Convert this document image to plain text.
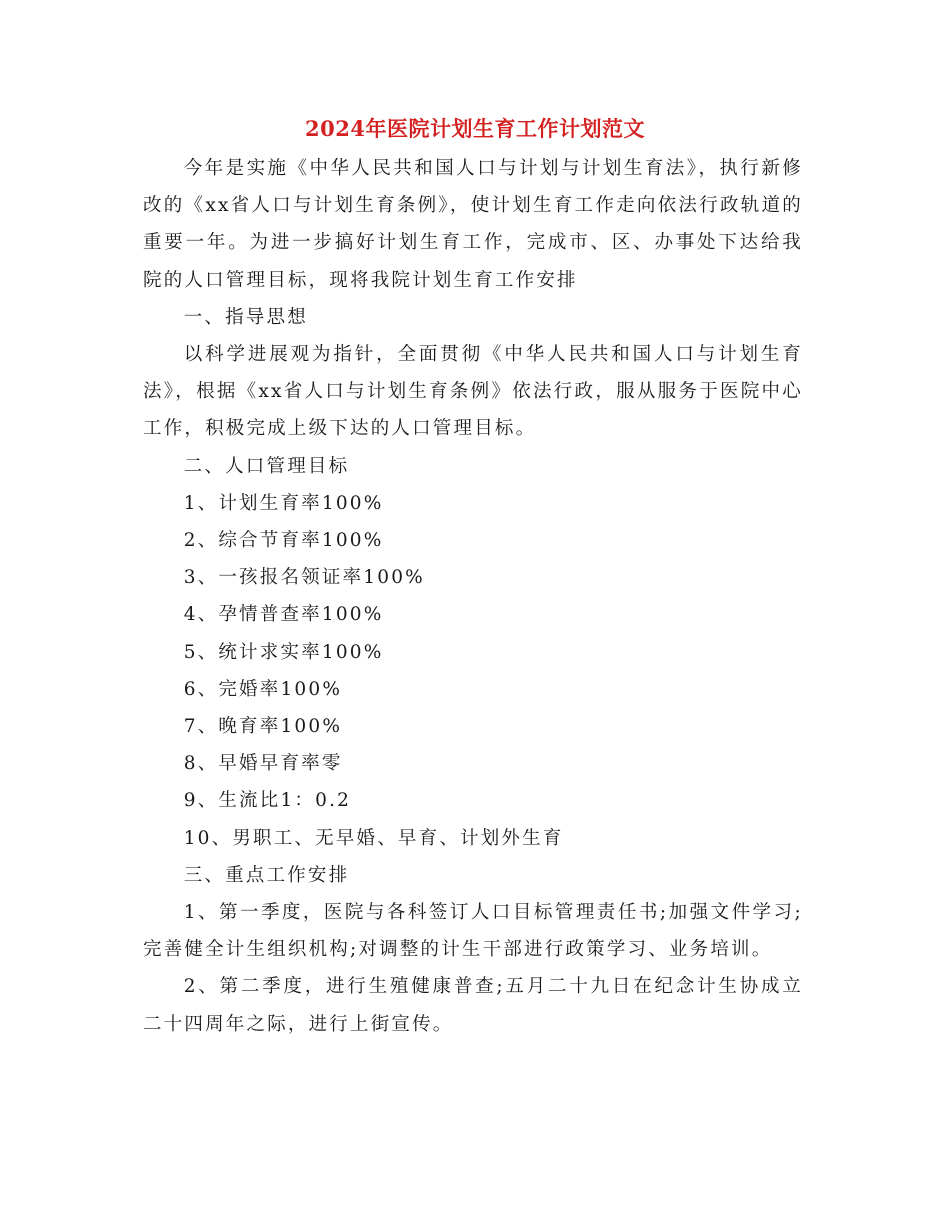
2024年医院计划生育工作计划范文

今年是实施《中华人民共和国人口与计划与计划生育法》，执行新修改的《xx省人口与计划生育条例》，使计划生育工作走向依法行政轨道的重要一年。为进一步搞好计划生育工作，完成市、区、办事处下达给我院的人口管理目标，现将我院计划生育工作安排

一、指导思想

以科学进展观为指针，全面贯彻《中华人民共和国人口与计划生育法》，根据《xx省人口与计划生育条例》依法行政，服从服务于医院中心工作，积极完成上级下达的人口管理目标。

二、人口管理目标

1、计划生育率100%

2、综合节育率100%

3、一孩报名领证率100%

4、孕情普查率100%

5、统计求实率100%

6、完婚率100%

7、晚育率100%

8、早婚早育率零

9、生流比1：0.2

10、男职工、无早婚、早育、计划外生育

三、重点工作安排

1、第一季度，医院与各科签订人口目标管理责任书;加强文件学习;完善健全计生组织机构;对调整的计生干部进行政策学习、业务培训。

2、第二季度，进行生殖健康普查;五月二十九日在纪念计生协成立二十四周年之际，进行上街宣传。
